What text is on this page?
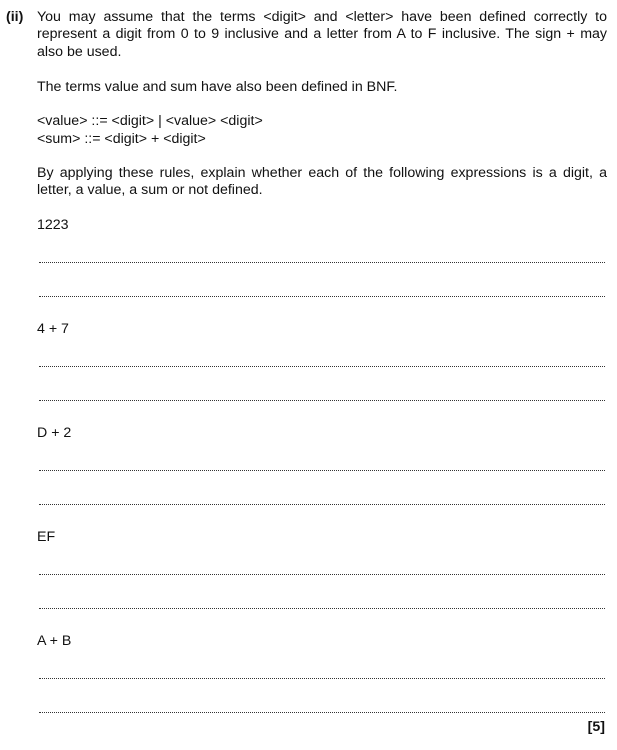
(ii) You may assume that the terms <digit> and <letter> have been defined correctly to represent a digit from 0 to 9 inclusive and a letter from A to F inclusive. The sign + may also be used.

The terms value and sum have also been defined in BNF.

<value> ::= <digit> | <value> <digit>

<sum> ::= <digit> + <digit>

By applying these rules, explain whether each of the following expressions is a digit, a letter, a value, a sum or not defined.

1223

4 + 7

D + 2

EF

A + B

[5]
